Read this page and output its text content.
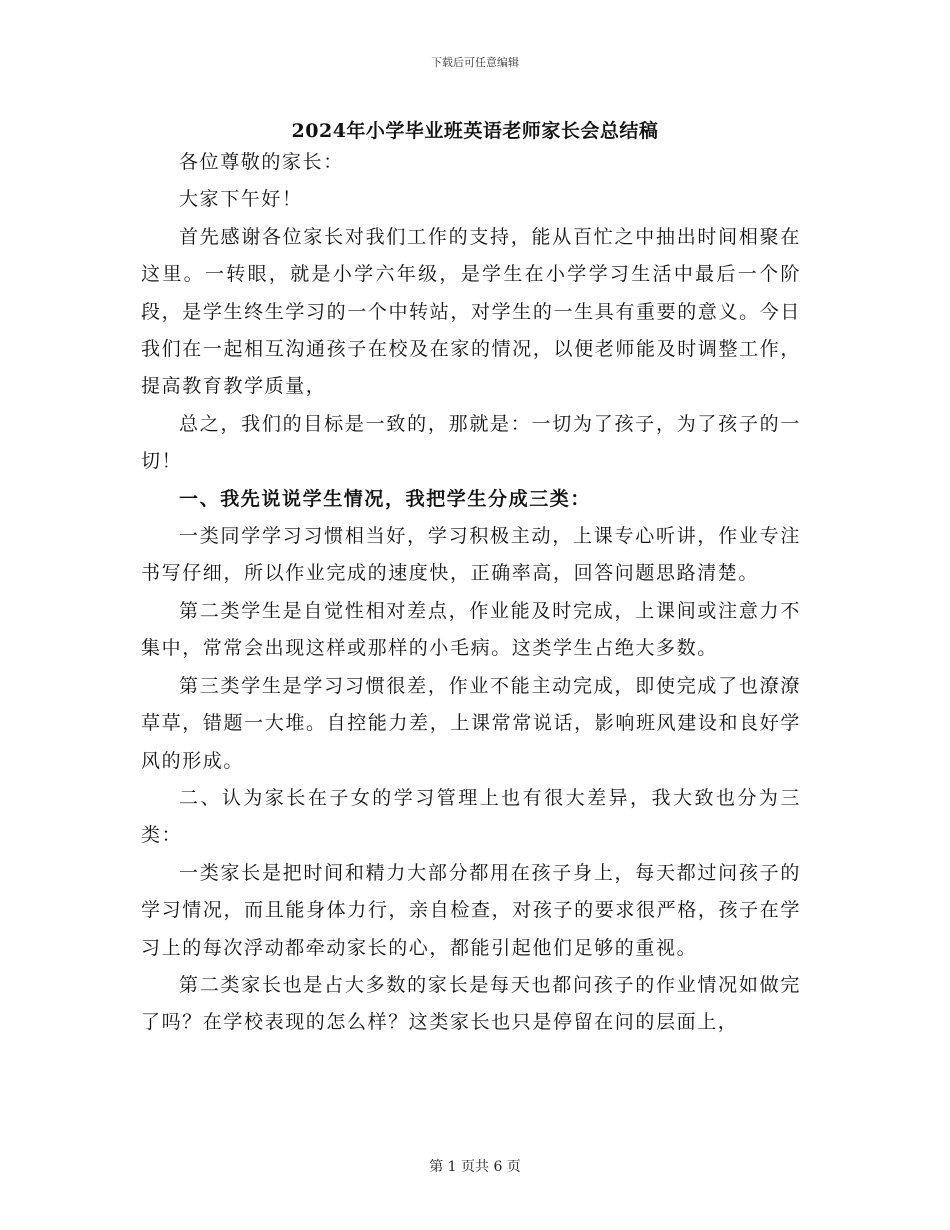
下载后可任意编辑
2024年小学毕业班英语老师家长会总结稿

各位尊敬的家长：

大家下午好！

首先感谢各位家长对我们工作的支持，能从百忙之中抽出时间相聚在这里。一转眼，就是小学六年级，是学生在小学学习生活中最后一个阶段，是学生终生学习的一个中转站，对学生的一生具有重要的意义。今日我们在一起相互沟通孩子在校及在家的情况，以便老师能及时调整工作，提高教育教学质量，

总之，我们的目标是一致的，那就是：一切为了孩子，为了孩子的一切！

一、我先说说学生情况，我把学生分成三类：

一类同学学习习惯相当好，学习积极主动，上课专心听讲，作业专注书写仔细，所以作业完成的速度快，正确率高，回答问题思路清楚。

第二类学生是自觉性相对差点，作业能及时完成，上课间或注意力不集中，常常会出现这样或那样的小毛病。这类学生占绝大多数。

第三类学生是学习习惯很差，作业不能主动完成，即使完成了也潦潦草草，错题一大堆。自控能力差，上课常常说话，影响班风建设和良好学风的形成。

二、认为家长在子女的学习管理上也有很大差异，我大致也分为三类：

一类家长是把时间和精力大部分都用在孩子身上，每天都过问孩子的学习情况，而且能身体力行，亲自检查，对孩子的要求很严格，孩子在学习上的每次浮动都牵动家长的心，都能引起他们足够的重视。

第二类家长也是占大多数的家长是每天也都问孩子的作业情况如做完了吗？在学校表现的怎么样？这类家长也只是停留在问的层面上，

第 1 页共 6 页
